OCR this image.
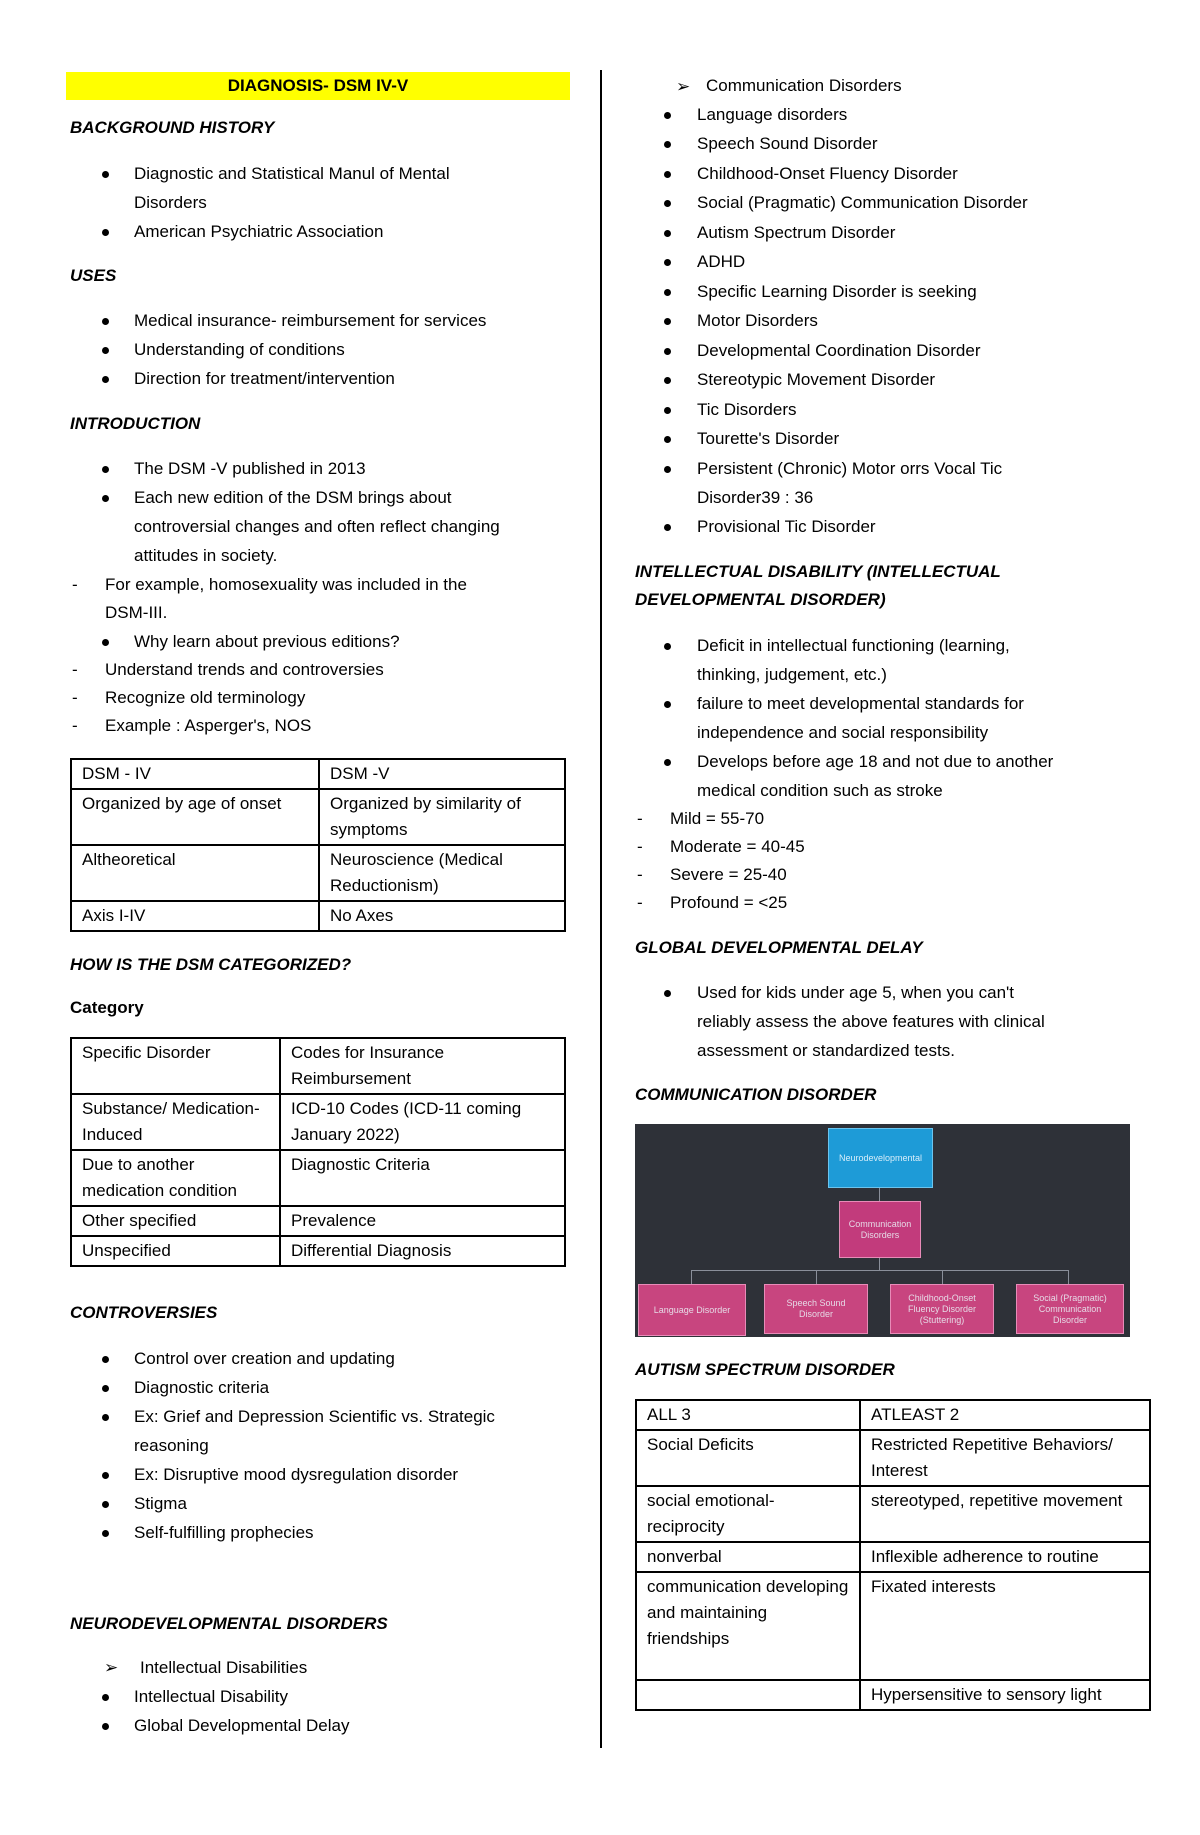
DIAGNOSIS- DSM IV-V
BACKGROUND HISTORY
Diagnostic and Statistical Manul of Mental
Disorders
American Psychiatric Association
USES
Medical insurance- reimbursement for services
Understanding of conditions
Direction for treatment/intervention
INTRODUCTION
The DSM -V published in 2013
Each new edition of the DSM brings about
controversial changes and often reflect changing
attitudes in society.
- For example, homosexuality was included in the
DSM-III.
Why learn about previous editions?
- Understand trends and controversies
- Recognize old terminology
- Example : Asperger's, NOS
DSM - IV	DSM -V
Organized by age of onset	Organized by similarity of symptoms
Altheoretical	Neuroscience (Medical Reductionism)
Axis I-IV	No Axes
HOW IS THE DSM CATEGORIZED?
Category
Specific Disorder	Codes for Insurance Reimbursement
Substance/ Medication-Induced	ICD-10 Codes (ICD-11 coming January 2022)
Due to another medication condition	Diagnostic Criteria
Other specified	Prevalence
Unspecified	Differential Diagnosis
CONTROVERSIES
Control over creation and updating
Diagnostic criteria
Ex: Grief and Depression Scientific vs. Strategic
reasoning
Ex: Disruptive mood dysregulation disorder
Stigma
Self-fulfilling prophecies
NEURODEVELOPMENTAL DISORDERS
➢ Intellectual Disabilities
Intellectual Disability
Global Developmental Delay
➢ Communication Disorders
Language disorders
Speech Sound Disorder
Childhood-Onset Fluency Disorder
Social (Pragmatic) Communication Disorder
Autism Spectrum Disorder
ADHD
Specific Learning Disorder is seeking
Motor Disorders
Developmental Coordination Disorder
Stereotypic Movement Disorder
Tic Disorders
Tourette's Disorder
Persistent (Chronic) Motor orrs Vocal Tic
Disorder39 : 36
Provisional Tic Disorder
INTELLECTUAL DISABILITY (INTELLECTUAL
DEVELOPMENTAL DISORDER)
Deficit in intellectual functioning (learning,
thinking, judgement, etc.)
failure to meet developmental standards for
independence and social responsibility
Develops before age 18 and not due to another
medical condition such as stroke
- Mild = 55-70
- Moderate = 40-45
- Severe = 25-40
- Profound = <25
GLOBAL DEVELOPMENTAL DELAY
Used for kids under age 5, when you can't
reliably assess the above features with clinical
assessment or standardized tests.
COMMUNICATION DISORDER
Neurodevelopmental
Communication Disorders
Language Disorder
Speech Sound Disorder
Childhood-Onset Fluency Disorder (Stuttering)
Social (Pragmatic) Communication Disorder
AUTISM SPECTRUM DISORDER
ALL 3	ATLEAST 2
Social Deficits	Restricted Repetitive Behaviors/ Interest
social emotional- reciprocity	stereotyped, repetitive movement
nonverbal	Inflexible adherence to routine
communication developing and maintaining friendships	Fixated interests
	Hypersensitive to sensory light
